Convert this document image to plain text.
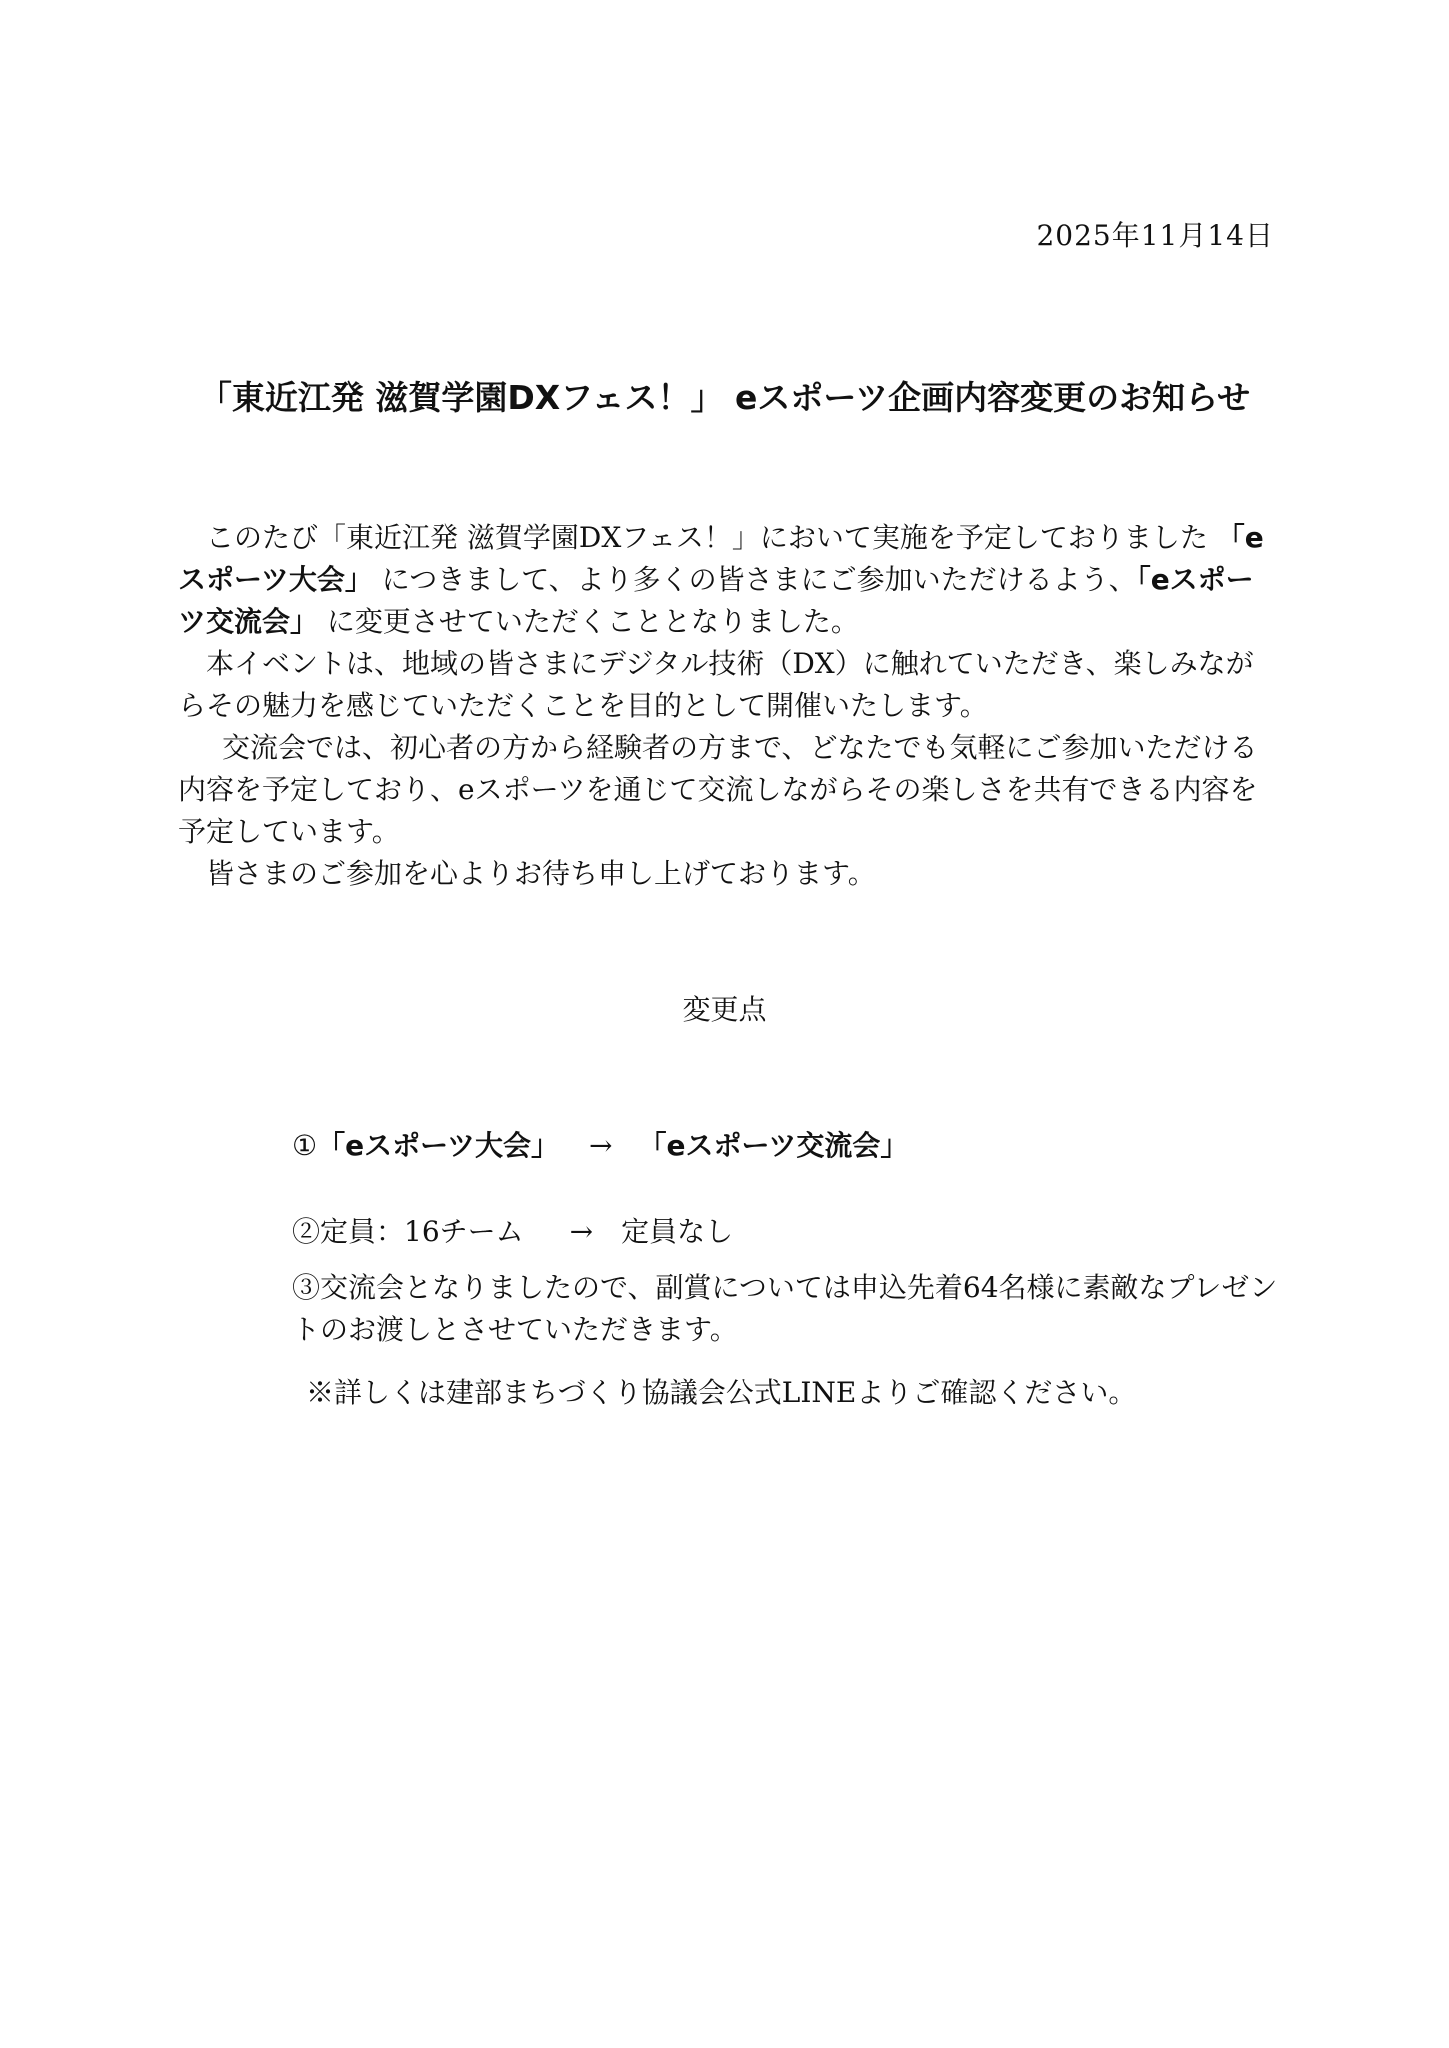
2025年11月14日
「東近江発 滋賀学園DXフェス！」 eスポーツ企画内容変更のお知らせ

このたび「東近江発 滋賀学園DXフェス！」において実施を予定しておりました 「eスポーツ大会」 につきまして、より多くの皆さまにご参加いただけるよう、「eスポーツ交流会」 に変更させていただくこととなりました。

本イベントは、地域の皆さまにデジタル技術（DX）に触れていただき、楽しみながらその魅力を感じていただくことを目的として開催いたします。

交流会では、初心者の方から経験者の方まで、どなたでも気軽にご参加いただける内容を予定しており、eスポーツを通じて交流しながらその楽しさを共有できる内容を予定しています。

皆さまのご参加を心よりお待ち申し上げております。

変更点

①「eスポーツ大会」 → 「eスポーツ交流会」

②定員：16チーム → 定員なし

③交流会となりましたので、副賞については申込先着64名様に素敵なプレゼントのお渡しとさせていただきます。

※詳しくは建部まちづくり協議会公式LINEよりご確認ください。
